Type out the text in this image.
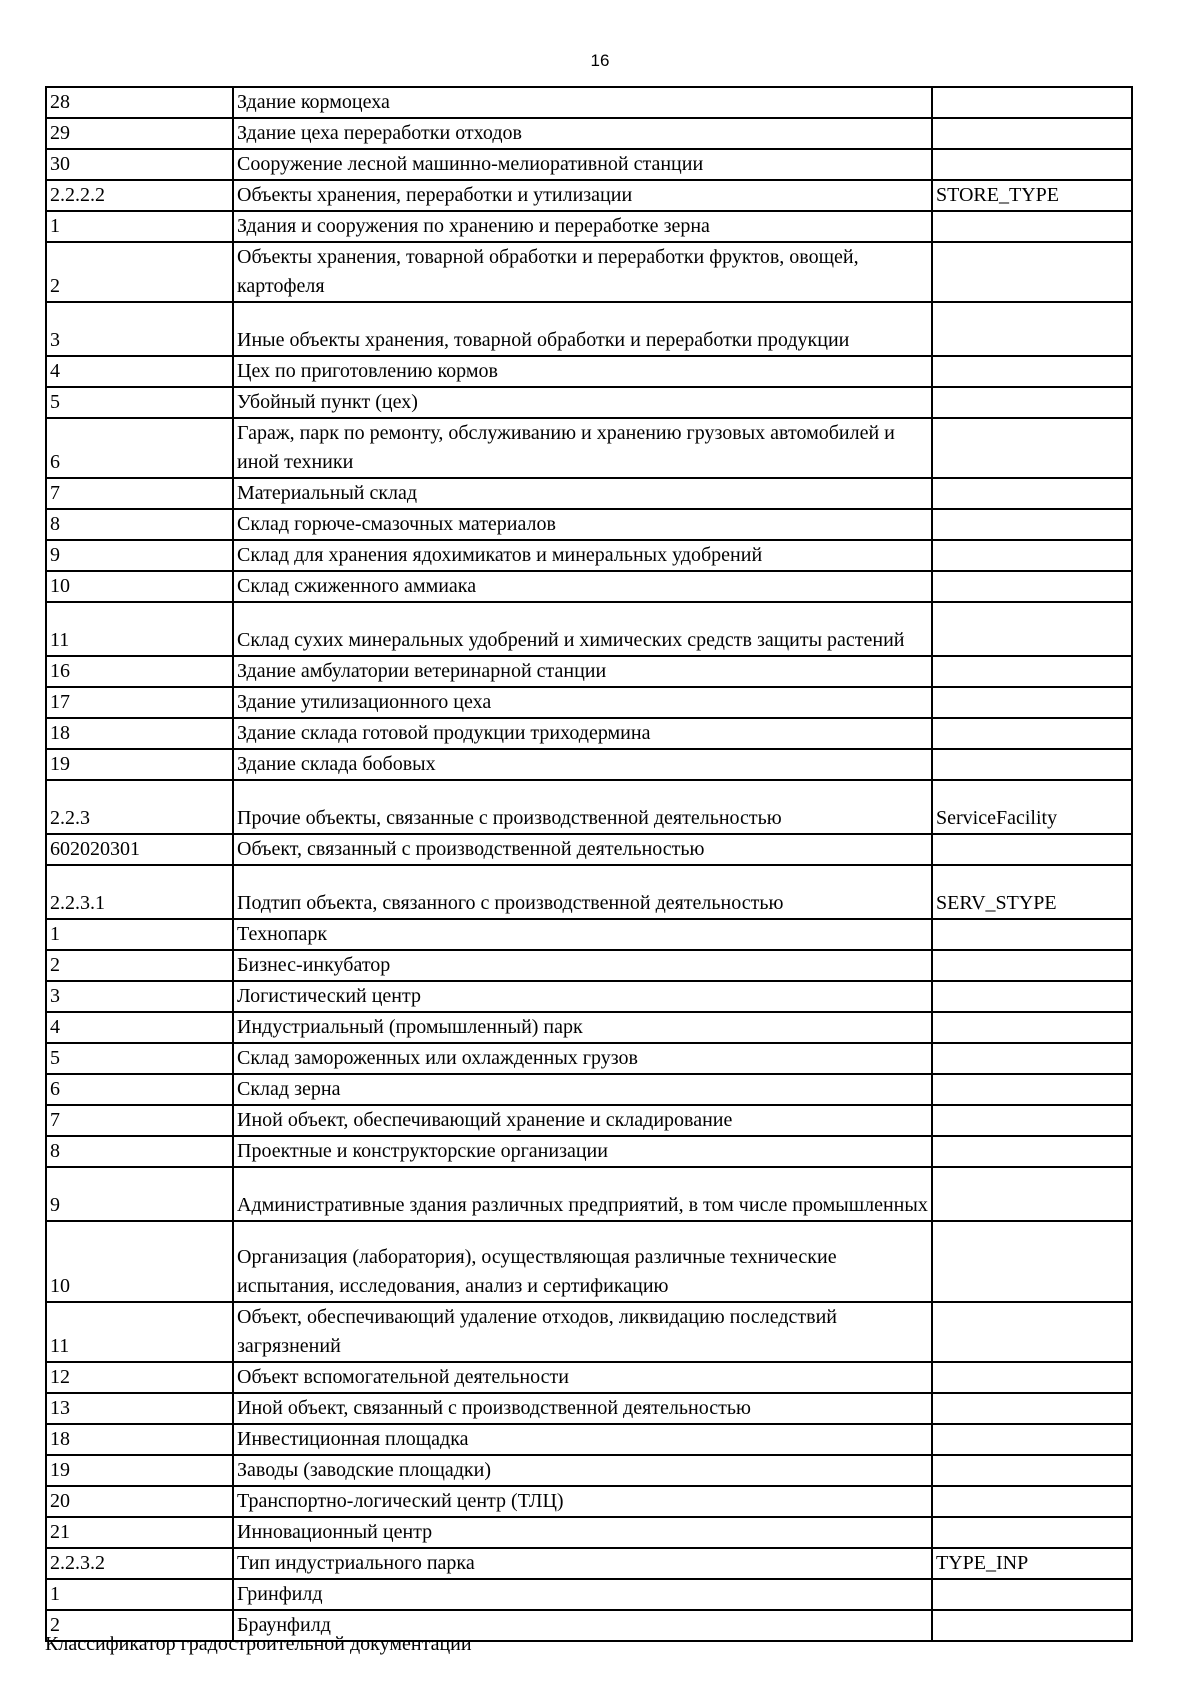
16
28	Здание кормоцеха	
29	Здание цеха переработки отходов	
30	Сооружение лесной машинно-мелиоративной станции	
2.2.2.2	Объекты хранения, переработки и утилизации	STORE_TYPE
1	Здания и сооружения по хранению и переработке зерна	
2	Объекты хранения, товарной обработки и переработки фруктов, овощей, картофеля	
3	Иные объекты хранения, товарной обработки и переработки продукции	
4	Цех по приготовлению кормов	
5	Убойный пункт (цех)	
6	Гараж, парк по ремонту, обслуживанию и хранению грузовых автомобилей и иной техники	
7	Материальный склад	
8	Склад горюче-смазочных материалов	
9	Склад для хранения ядохимикатов и минеральных удобрений	
10	Склад сжиженного аммиака	
11	Склад сухих минеральных удобрений и химических средств защиты растений	
16	Здание амбулатории ветеринарной станции	
17	Здание утилизационного цеха	
18	Здание склада готовой продукции триходермина	
19	Здание склада бобовых	
2.2.3	Прочие объекты, связанные с производственной деятельностью	ServiceFacility
602020301	Объект, связанный с производственной деятельностью	
2.2.3.1	Подтип объекта, связанного с производственной деятельностью	SERV_STYPE
1	Технопарк	
2	Бизнес-инкубатор	
3	Логистический центр	
4	Индустриальный (промышленный) парк	
5	Склад замороженных или охлажденных грузов	
6	Склад зерна	
7	Иной объект, обеспечивающий хранение и складирование	
8	Проектные и конструкторские организации	
9	Административные здания различных предприятий, в том числе промышленных	
10	Организация (лаборатория), осуществляющая различные технические испытания, исследования, анализ и сертификацию	
11	Объект, обеспечивающий удаление отходов, ликвидацию последствий загрязнений	
12	Объект вспомогательной деятельности	
13	Иной объект, связанный с производственной деятельностью	
18	Инвестиционная площадка	
19	Заводы (заводские площадки)	
20	Транспортно-логический центр (ТЛЦ)	
21	Инновационный центр	
2.2.3.2	Тип индустриального парка	TYPE_INP
1	Гринфилд	
2	Браунфилд	
Классификатор градостроительной документации
